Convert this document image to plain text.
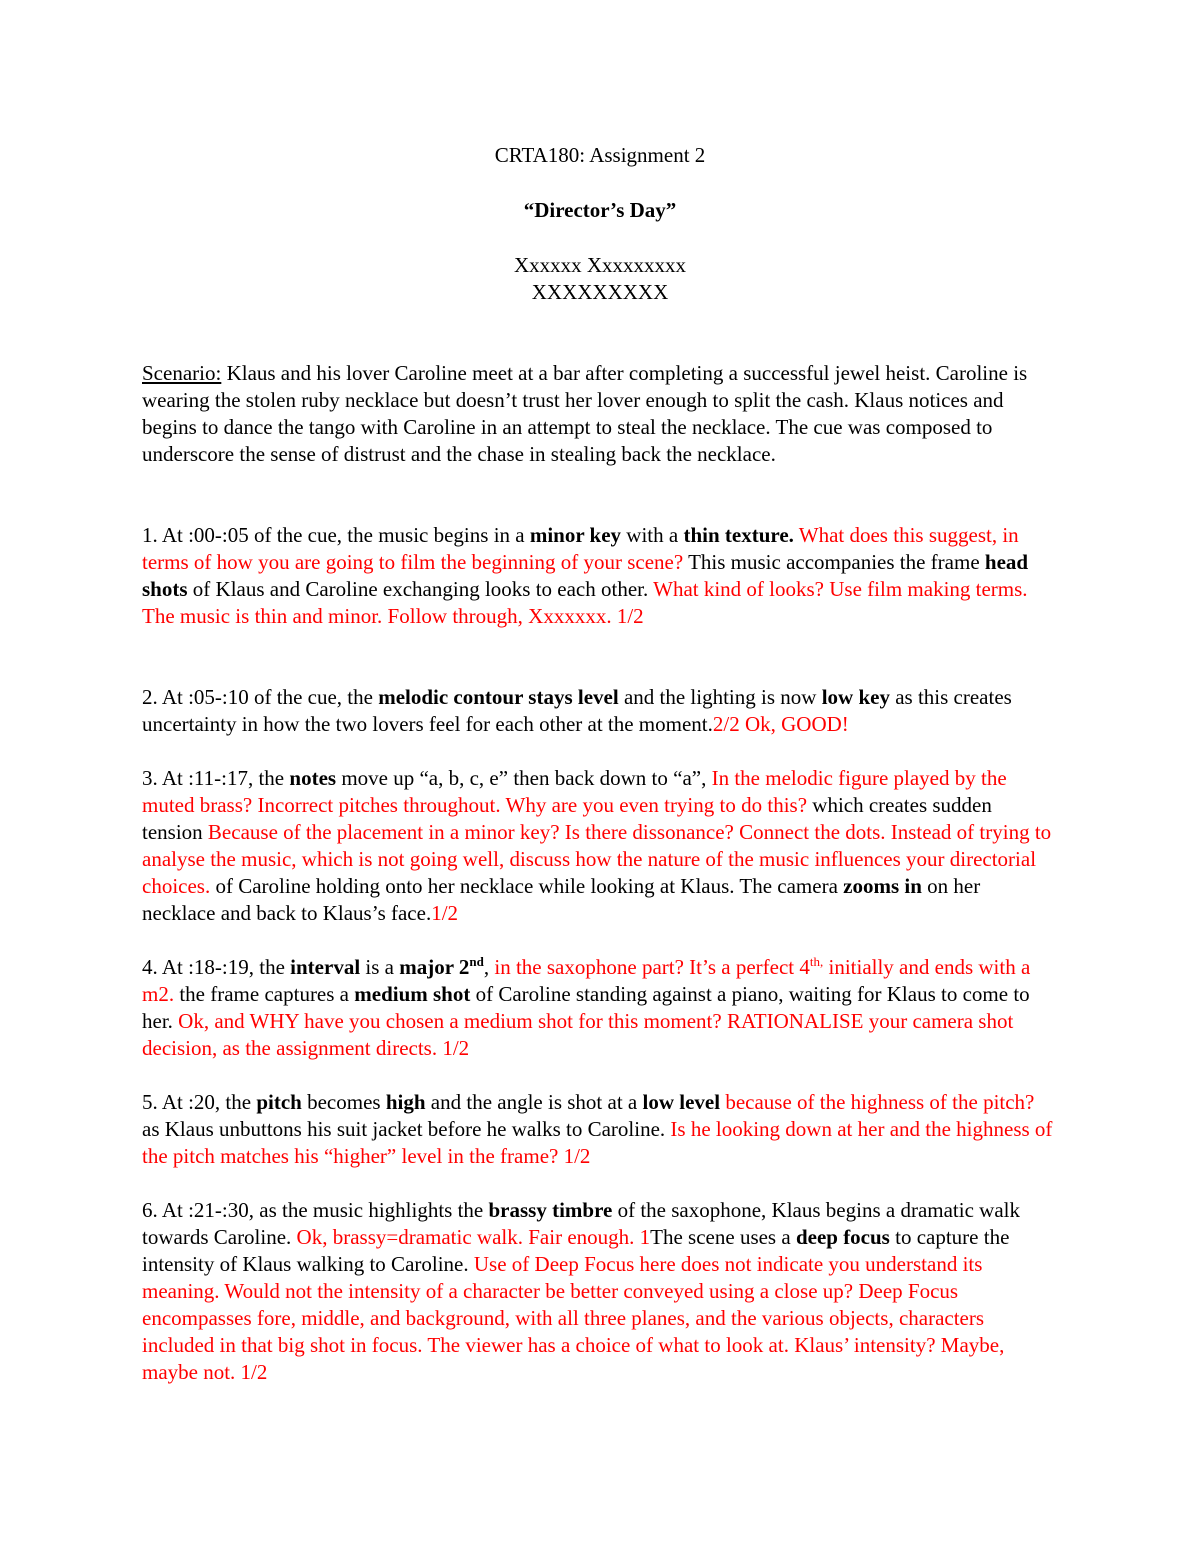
CRTA180: Assignment 2
“Director’s Day”
Xxxxxx Xxxxxxxxx
XXXXXXXXX
Scenario: Klaus and his lover Caroline meet at a bar after completing a successful jewel heist. Caroline is wearing the stolen ruby necklace but doesn’t trust her lover enough to split the cash. Klaus notices and begins to dance the tango with Caroline in an attempt to steal the necklace. The cue was composed to underscore the sense of distrust and the chase in stealing back the necklace.
1. At :00-:05 of the cue, the music begins in a minor key with a thin texture. What does this suggest, in terms of how you are going to film the beginning of your scene? This music accompanies the frame head shots of Klaus and Caroline exchanging looks to each other. What kind of looks? Use film making terms. The music is thin and minor. Follow through, Xxxxxxx. 1/2
2. At :05-:10 of the cue, the melodic contour stays level and the lighting is now low key as this creates uncertainty in how the two lovers feel for each other at the moment.2/2 Ok, GOOD!
3. At :11-:17, the notes move up “a, b, c, e” then back down to “a”, In the melodic figure played by the muted brass? Incorrect pitches throughout. Why are you even trying to do this? which creates sudden tension Because of the placement in a minor key? Is there dissonance? Connect the dots. Instead of trying to analyse the music, which is not going well, discuss how the nature of the music influences your directorial choices. of Caroline holding onto her necklace while looking at Klaus. The camera zooms in on her necklace and back to Klaus’s face.1/2
4. At :18-:19, the interval is a major 2nd, in the saxophone part? It’s a perfect $4^{th,}$ initially and ends with a m2. the frame captures a medium shot of Caroline standing against a piano, waiting for Klaus to come to her. Ok, and WHY have you chosen a medium shot for this moment? RATIONALISE your camera shot decision, as the assignment directs. 1/2
5. At :20, the pitch becomes high and the angle is shot at a low level because of the highness of the pitch? as Klaus unbuttons his suit jacket before he walks to Caroline. Is he looking down at her and the highness of the pitch matches his “higher” level in the frame? 1/2
6. At :21-:30, as the music highlights the brassy timbre of the saxophone, Klaus begins a dramatic walk towards Caroline. Ok, brassy=dramatic walk. Fair enough. 1The scene uses a deep focus to capture the intensity of Klaus walking to Caroline. Use of Deep Focus here does not indicate you understand its meaning. Would not the intensity of a character be better conveyed using a close up? Deep Focus encompasses fore, middle, and background, with all three planes, and the various objects, characters included in that big shot in focus. The viewer has a choice of what to look at. Klaus’ intensity? Maybe, maybe not. 1/2
